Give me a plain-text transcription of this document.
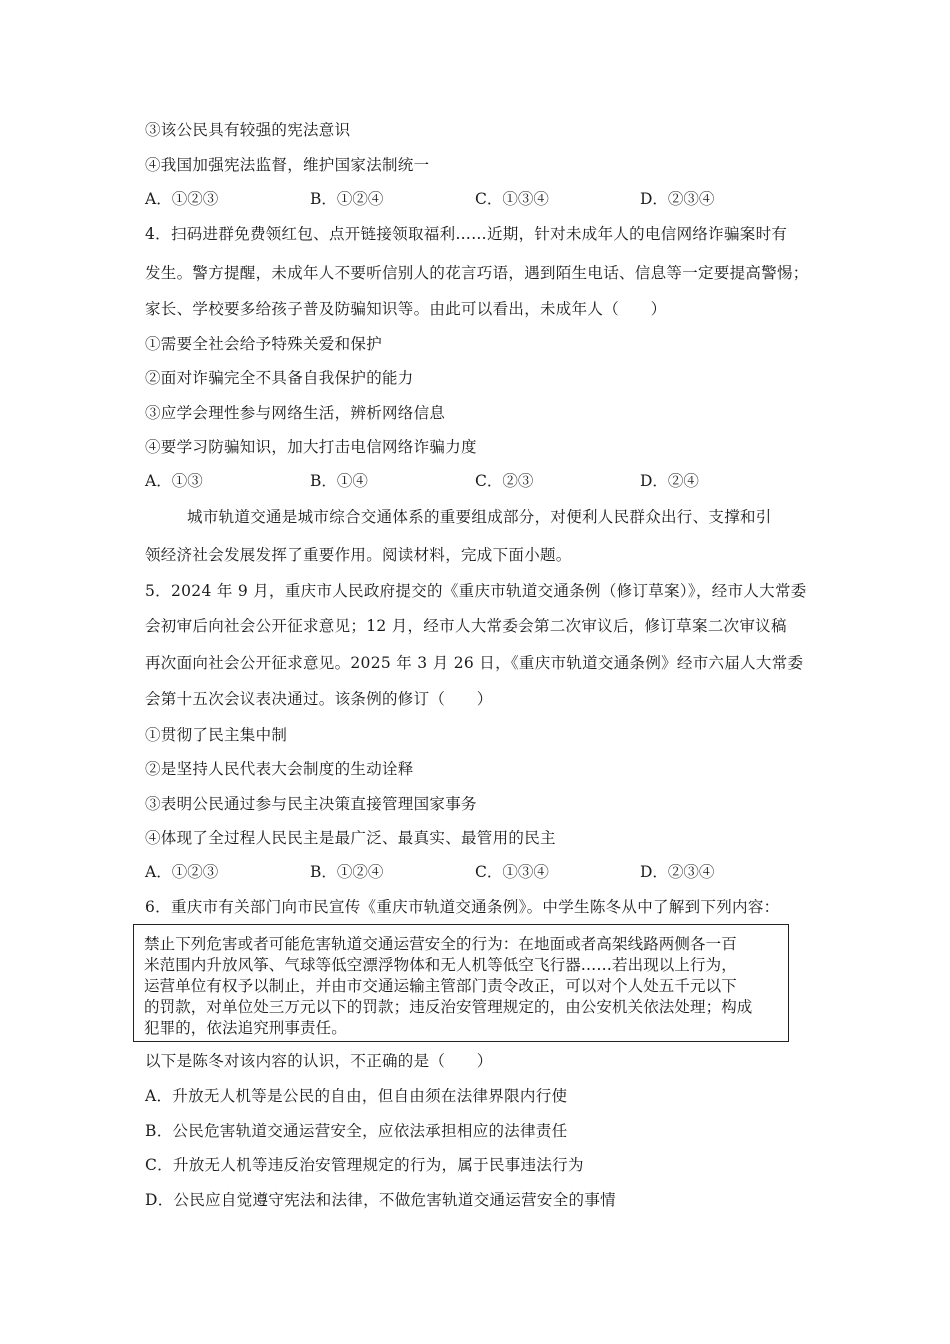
③该公民具有较强的宪法意识
④我国加强宪法监督，维护国家法制统一
A．①②③	B．①②④	C．①③④	D．②③④
4．扫码进群免费领红包、点开链接领取福利……近期，针对未成年人的电信网络诈骗案时有
发生。警方提醒，未成年人不要听信别人的花言巧语，遇到陌生电话、信息等一定要提高警惕；
家长、学校要多给孩子普及防骗知识等。由此可以看出，未成年人（　　）
①需要全社会给予特殊关爱和保护
②面对诈骗完全不具备自我保护的能力
③应学会理性参与网络生活，辨析网络信息
④要学习防骗知识，加大打击电信网络诈骗力度
A．①③	B．①④	C．②③	D．②④
城市轨道交通是城市综合交通体系的重要组成部分，对便利人民群众出行、支撑和引
领经济社会发展发挥了重要作用。阅读材料，完成下面小题。
5．2024 年 9 月，重庆市人民政府提交的《重庆市轨道交通条例（修订草案）》，经市人大常委
会初审后向社会公开征求意见；12 月，经市人大常委会第二次审议后，修订草案二次审议稿
再次面向社会公开征求意见。2025 年 3 月 26 日，《重庆市轨道交通条例》经市六届人大常委
会第十五次会议表决通过。该条例的修订（　　）
①贯彻了民主集中制
②是坚持人民代表大会制度的生动诠释
③表明公民通过参与民主决策直接管理国家事务
④体现了全过程人民民主是最广泛、最真实、最管用的民主
A．①②③	B．①②④	C．①③④	D．②③④
6．重庆市有关部门向市民宣传《重庆市轨道交通条例》。中学生陈冬从中了解到下列内容：
禁止下列危害或者可能危害轨道交通运营安全的行为：在地面或者高架线路两侧各一百
米范围内升放风筝、气球等低空漂浮物体和无人机等低空飞行器……若出现以上行为，
运营单位有权予以制止，并由市交通运输主管部门责令改正，可以对个人处五千元以下
的罚款，对单位处三万元以下的罚款；违反治安管理规定的，由公安机关依法处理；构成
犯罪的，依法追究刑事责任。
以下是陈冬对该内容的认识，不正确的是（　　）
A．升放无人机等是公民的自由，但自由须在法律界限内行使
B．公民危害轨道交通运营安全，应依法承担相应的法律责任
C．升放无人机等违反治安管理规定的行为，属于民事违法行为
D．公民应自觉遵守宪法和法律，不做危害轨道交通运营安全的事情
